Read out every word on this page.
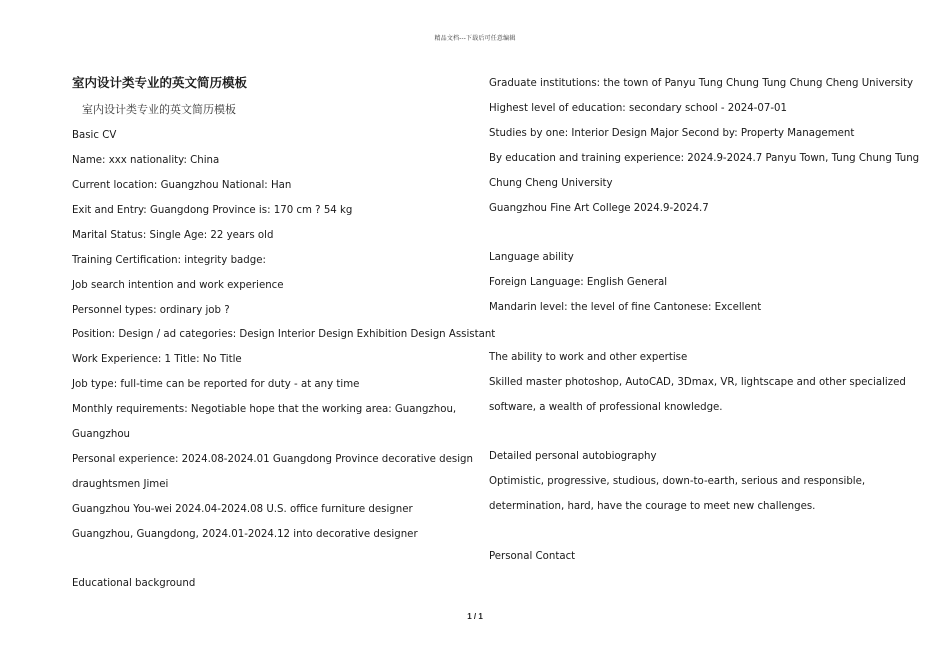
精品文档---下载后可任意编辑
室内设计类专业的英文简历模板
室内设计类专业的英文简历模板
Basic CV
Name: xxx nationality: China
Current location: Guangzhou National: Han
Exit and Entry: Guangdong Province is: 170 cm ? 54 kg
Marital Status: Single Age: 22 years old
Training Certification: integrity badge:
Job search intention and work experience
Personnel types: ordinary job ?
Position: Design / ad categories: Design Interior Design Exhibition Design Assistant
Work Experience: 1 Title: No Title
Job type: full-time can be reported for duty - at any time
Monthly requirements: Negotiable hope that the working area: Guangzhou,
Guangzhou
Personal experience: 2024.08-2024.01 Guangdong Province decorative design
draughtsmen Jimei
Guangzhou You-wei 2024.04-2024.08 U.S. office furniture designer
Guangzhou, Guangdong, 2024.01-2024.12 into decorative designer
Educational background
Graduate institutions: the town of Panyu Tung Chung Tung Chung Cheng University
Highest level of education: secondary school - 2024-07-01
Studies by one: Interior Design Major Second by: Property Management
By education and training experience: 2024.9-2024.7 Panyu Town, Tung Chung Tung
Chung Cheng University
Guangzhou Fine Art College 2024.9-2024.7
Language ability
Foreign Language: English General
Mandarin level: the level of fine Cantonese: Excellent
The ability to work and other expertise
Skilled master photoshop, AutoCAD, 3Dmax, VR, lightscape and other specialized
software, a wealth of professional knowledge.
Detailed personal autobiography
Optimistic, progressive, studious, down-to-earth, serious and responsible,
determination, hard, have the courage to meet new challenges.
Personal Contact
1 / 1
